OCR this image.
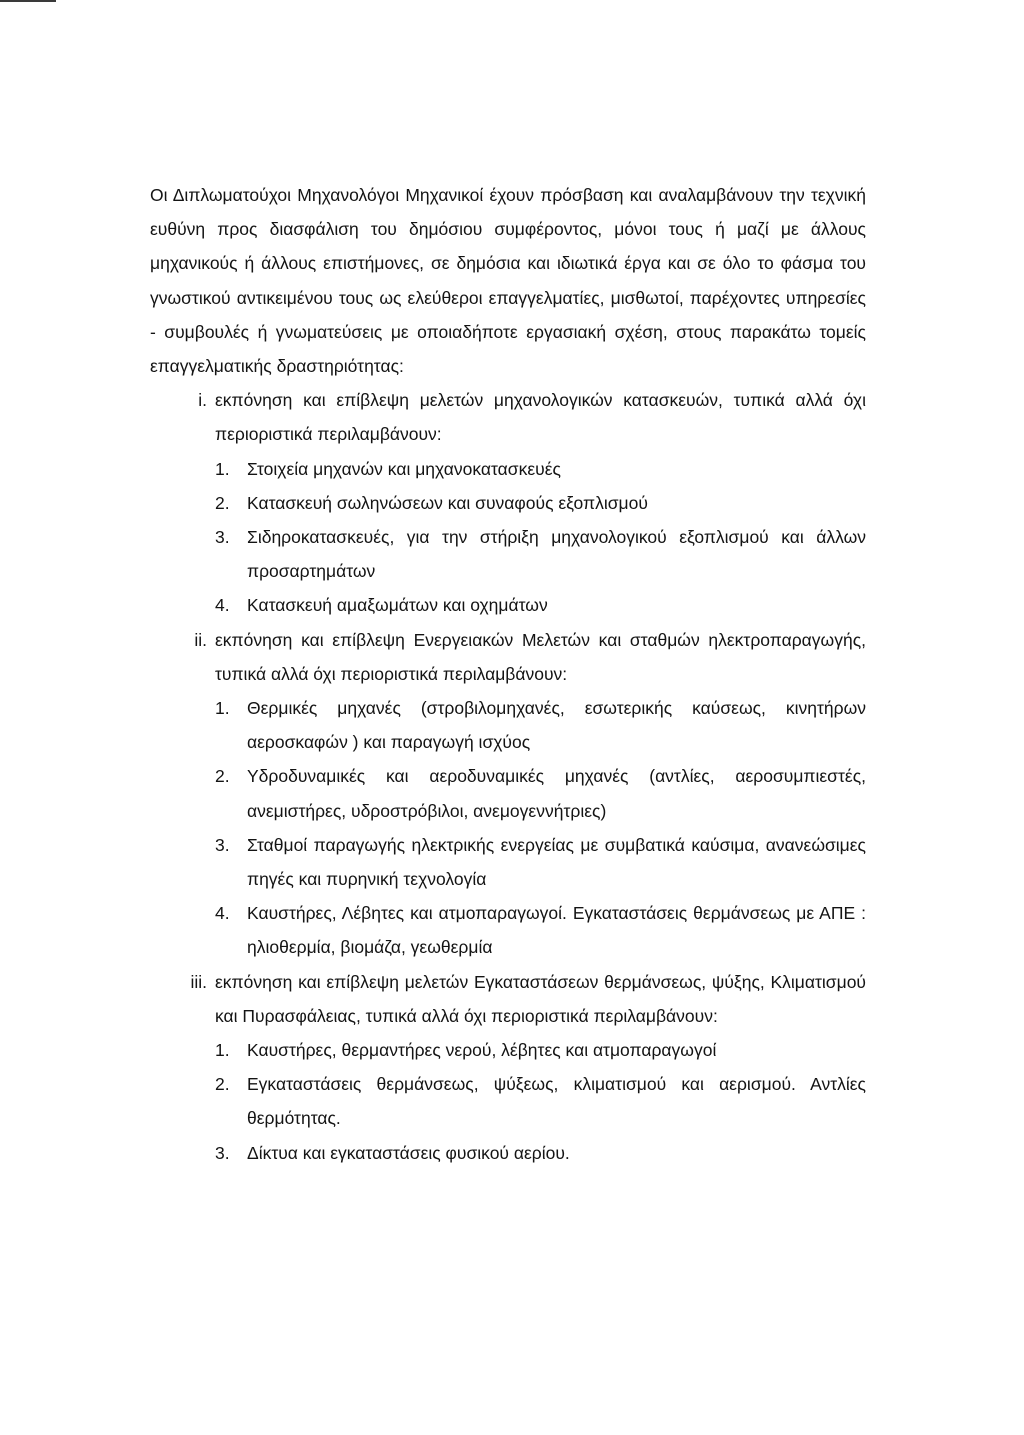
Οι Διπλωματούχοι Μηχανολόγοι Μηχανικοί έχουν πρόσβαση και αναλαμβάνουν την τεχνική ευθύνη προς διασφάλιση του δημόσιου συμφέροντος, μόνοι τους ή μαζί με άλλους μηχανικούς ή άλλους επιστήμονες, σε δημόσια και ιδιωτικά έργα και σε όλο το φάσμα του γνωστικού αντικειμένου τους ως ελεύθεροι επαγγελματίες, μισθωτοί, παρέχοντες υπηρεσίες - συμβουλές ή γνωματεύσεις με οποιαδήποτε εργασιακή σχέση, στους παρακάτω τομείς επαγγελματικής δραστηριότητας:

i. εκπόνηση και επίβλεψη μελετών μηχανολογικών κατασκευών, τυπικά αλλά όχι περιοριστικά περιλαμβάνουν:

1. Στοιχεία μηχανών και μηχανοκατασκευές
2. Κατασκευή σωληνώσεων και συναφούς εξοπλισμού
3. Σιδηροκατασκευές, για την στήριξη μηχανολογικού εξοπλισμού και άλλων προσαρτημάτων
4. Κατασκευή αμαξωμάτων και οχημάτων
ii. εκπόνηση και επίβλεψη Ενεργειακών Μελετών και σταθμών ηλεκτροπαραγωγής, τυπικά αλλά όχι περιοριστικά περιλαμβάνουν:

1. Θερμικές μηχανές (στροβιλομηχανές, εσωτερικής καύσεως, κινητήρων αεροσκαφών ) και παραγωγή ισχύος
2. Υδροδυναμικές και αεροδυναμικές μηχανές (αντλίες, αεροσυμπιεστές, ανεμιστήρες, υδροστρόβιλοι, ανεμογεννήτριες)
3. Σταθμοί παραγωγής ηλεκτρικής ενεργείας με συμβατικά καύσιμα, ανανεώσιμες πηγές και πυρηνική τεχνολογία
4. Καυστήρες, Λέβητες και ατμοπαραγωγοί. Εγκαταστάσεις θερμάνσεως με ΑΠΕ : ηλιοθερμία, βιομάζα, γεωθερμία
iii. εκπόνηση και επίβλεψη μελετών Εγκαταστάσεων θερμάνσεως, ψύξης, Κλιματισμού και Πυρασφάλειας, τυπικά αλλά όχι περιοριστικά περιλαμβάνουν:

1. Καυστήρες, θερμαντήρες νερού, λέβητες και ατμοπαραγωγοί
2. Εγκαταστάσεις θερμάνσεως, ψύξεως, κλιματισμού και αερισμού. Αντλίες θερμότητας.
3. Δίκτυα και εγκαταστάσεις φυσικού αερίου.
